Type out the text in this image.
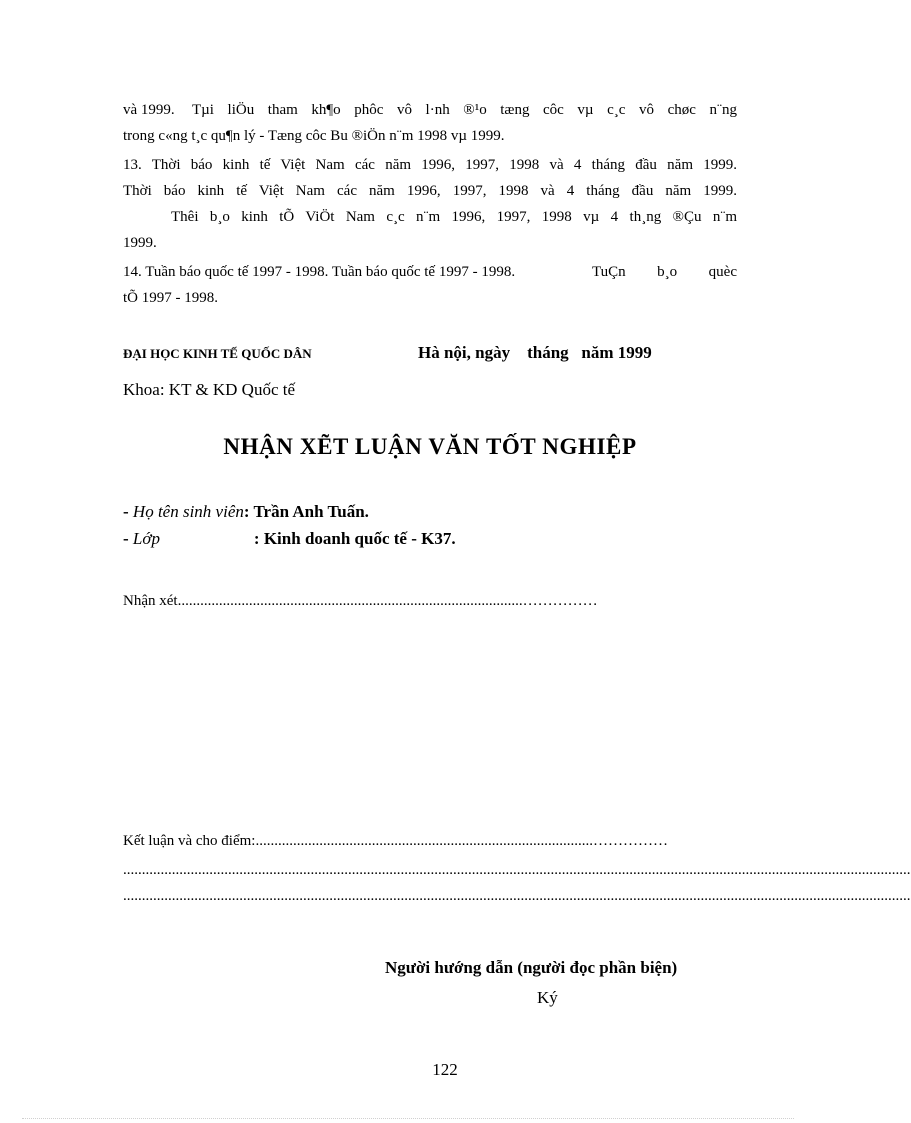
và 1999. Tµi liÖu tham kh¶o phôc vô l·nh ®¹o tæng côc vµ c¸c vô chøc n¨ng
trong c«ng t¸c qu¶n lý - Tæng côc Bu ®iÖn n¨m 1998 vµ 1999.
13. Thời báo kinh tế Việt Nam các năm 1996, 1997, 1998 và 4 tháng đầu năm 1999.
Thời báo kinh tế Việt Nam các năm 1996, 1997, 1998 và 4 tháng đầu năm 1999.
Thêi b¸o kinh tÕ ViÖt Nam c¸c n¨m 1996, 1997, 1998 vµ 4 th¸ng ®Çu n¨m
1999.
14. Tuần báo quốc tế 1997 - 1998. Tuần báo quốc tế 1997 - 1998.	TuÇn b¸o quèc
tÕ 1997 - 1998.
ĐẠI HỌC KINH TẾ QUỐC DÂN	Hà nội, ngày    tháng   năm 1999
Khoa: KT & KD Quốc tế
NHẬN XẼT LUẬN VĂN TỐT NGHIỆP
- Họ tên sinh viên: Trần Anh Tuấn.
- Lớp	: Kinh doanh quốc tế - K37.
Nhận xét............................................................................................……………
Kết luận và cho điểm:..........................................................................................……………
..................................................................................................................................................................................................................
..................................................................................................................................................................................................................
Người hướng dẫn (người đọc phần biện)
Ký
122
